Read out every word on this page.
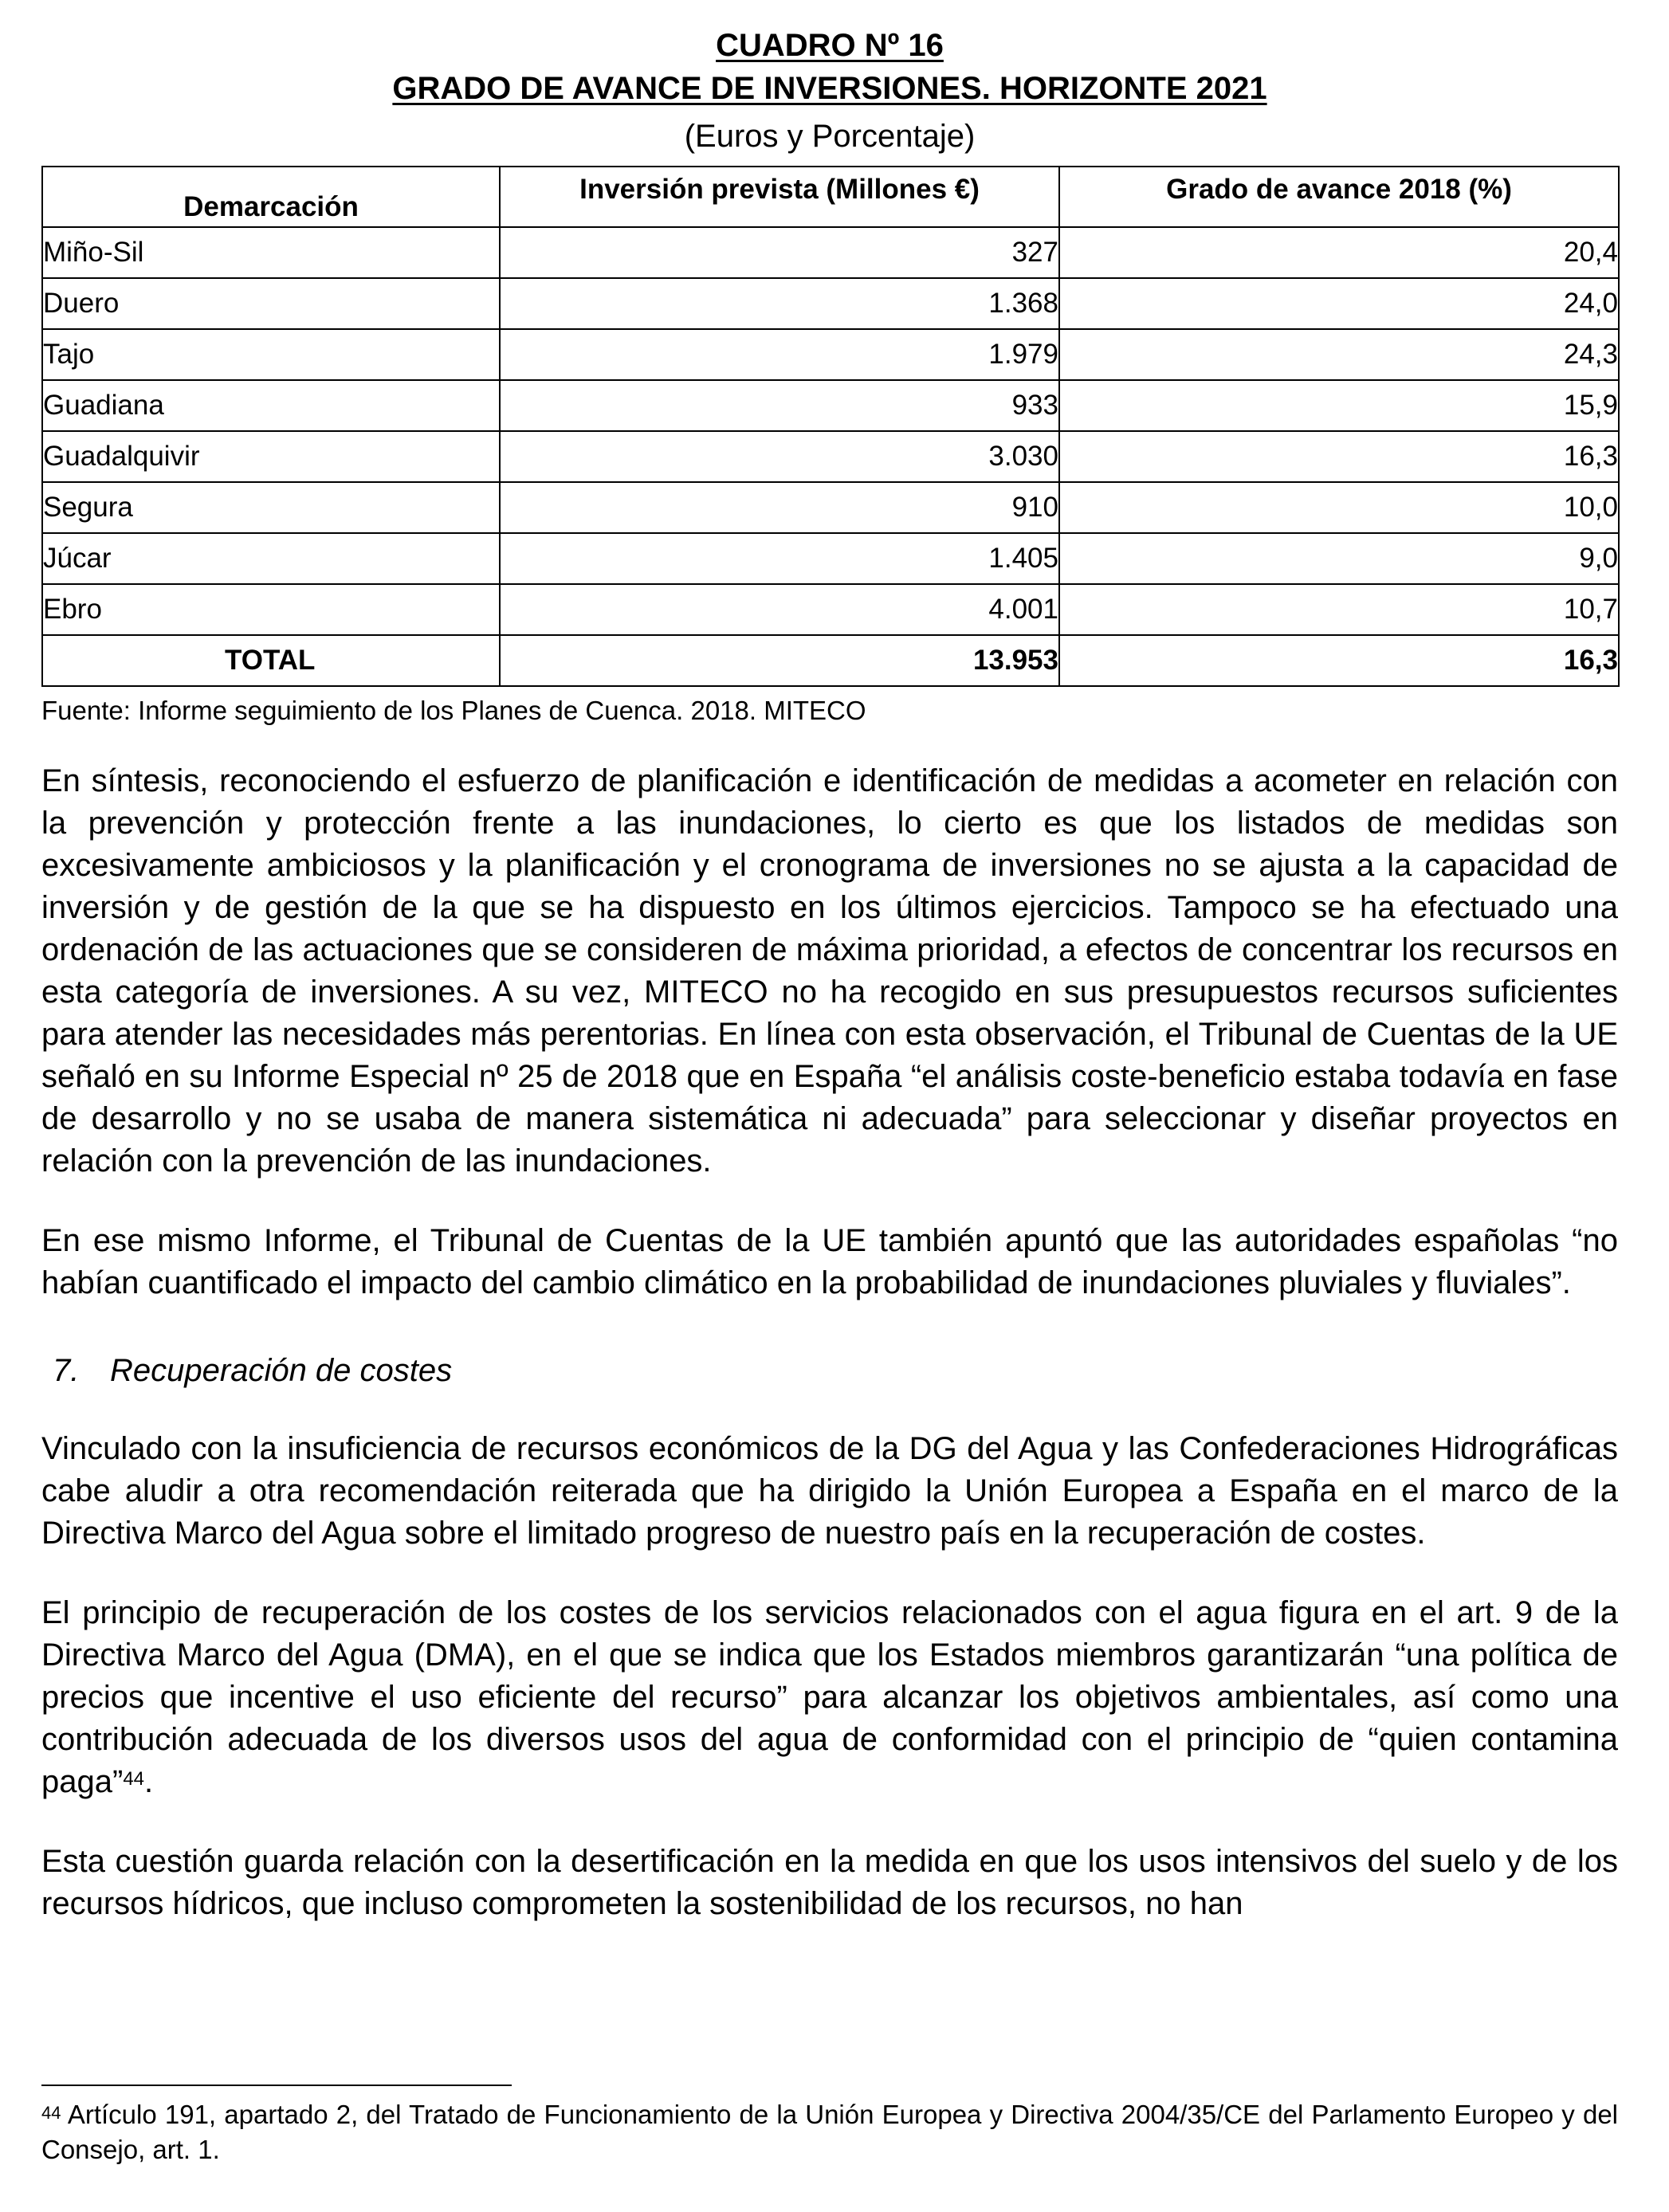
CUADRO Nº 16
GRADO DE AVANCE DE INVERSIONES. HORIZONTE 2021
(Euros y Porcentaje)
Demarcación	Inversión prevista (Millones €)	Grado de avance 2018 (%)
Miño-Sil	327	20,4
Duero	1.368	24,0
Tajo	1.979	24,3
Guadiana	933	15,9
Guadalquivir	3.030	16,3
Segura	910	10,0
Júcar	1.405	9,0
Ebro	4.001	10,7
TOTAL	13.953	16,3
Fuente: Informe seguimiento de los Planes de Cuenca. 2018. MITECO

En síntesis, reconociendo el esfuerzo de planificación e identificación de medidas a acometer en relación con la prevención y protección frente a las inundaciones, lo cierto es que los listados de medidas son excesivamente ambiciosos y la planificación y el cronograma de inversiones no se ajusta a la capacidad de inversión y de gestión de la que se ha dispuesto en los últimos ejercicios. Tampoco se ha efectuado una ordenación de las actuaciones que se consideren de máxima prioridad, a efectos de concentrar los recursos en esta categoría de inversiones. A su vez, MITECO no ha recogido en sus presupuestos recursos suficientes para atender las necesidades más perentorias. En línea con esta observación, el Tribunal de Cuentas de la UE señaló en su Informe Especial nº 25 de 2018 que en España “el análisis coste-beneficio estaba todavía en fase de desarrollo y no se usaba de manera sistemática ni adecuada” para seleccionar y diseñar proyectos en relación con la prevención de las inundaciones.

En ese mismo Informe, el Tribunal de Cuentas de la UE también apuntó que las autoridades españolas “no habían cuantificado el impacto del cambio climático en la probabilidad de inundaciones pluviales y fluviales”.

7. Recuperación de costes

Vinculado con la insuficiencia de recursos económicos de la DG del Agua y las Confederaciones Hidrográficas cabe aludir a otra recomendación reiterada que ha dirigido la Unión Europea a España en el marco de la Directiva Marco del Agua sobre el limitado progreso de nuestro país en la recuperación de costes.

El principio de recuperación de los costes de los servicios relacionados con el agua figura en el art. 9 de la Directiva Marco del Agua (DMA), en el que se indica que los Estados miembros garantizarán “una política de precios que incentive el uso eficiente del recurso” para alcanzar los objetivos ambientales, así como una contribución adecuada de los diversos usos del agua de conformidad con el principio de “quien contamina paga”$^{44}$.

Esta cuestión guarda relación con la desertificación en la medida en que los usos intensivos del suelo y de los recursos hídricos, que incluso comprometen la sostenibilidad de los recursos, no han

$^{44}$ Artículo 191, apartado 2, del Tratado de Funcionamiento de la Unión Europea y Directiva 2004/35/CE del Parlamento Europeo y del Consejo, art. 1.
